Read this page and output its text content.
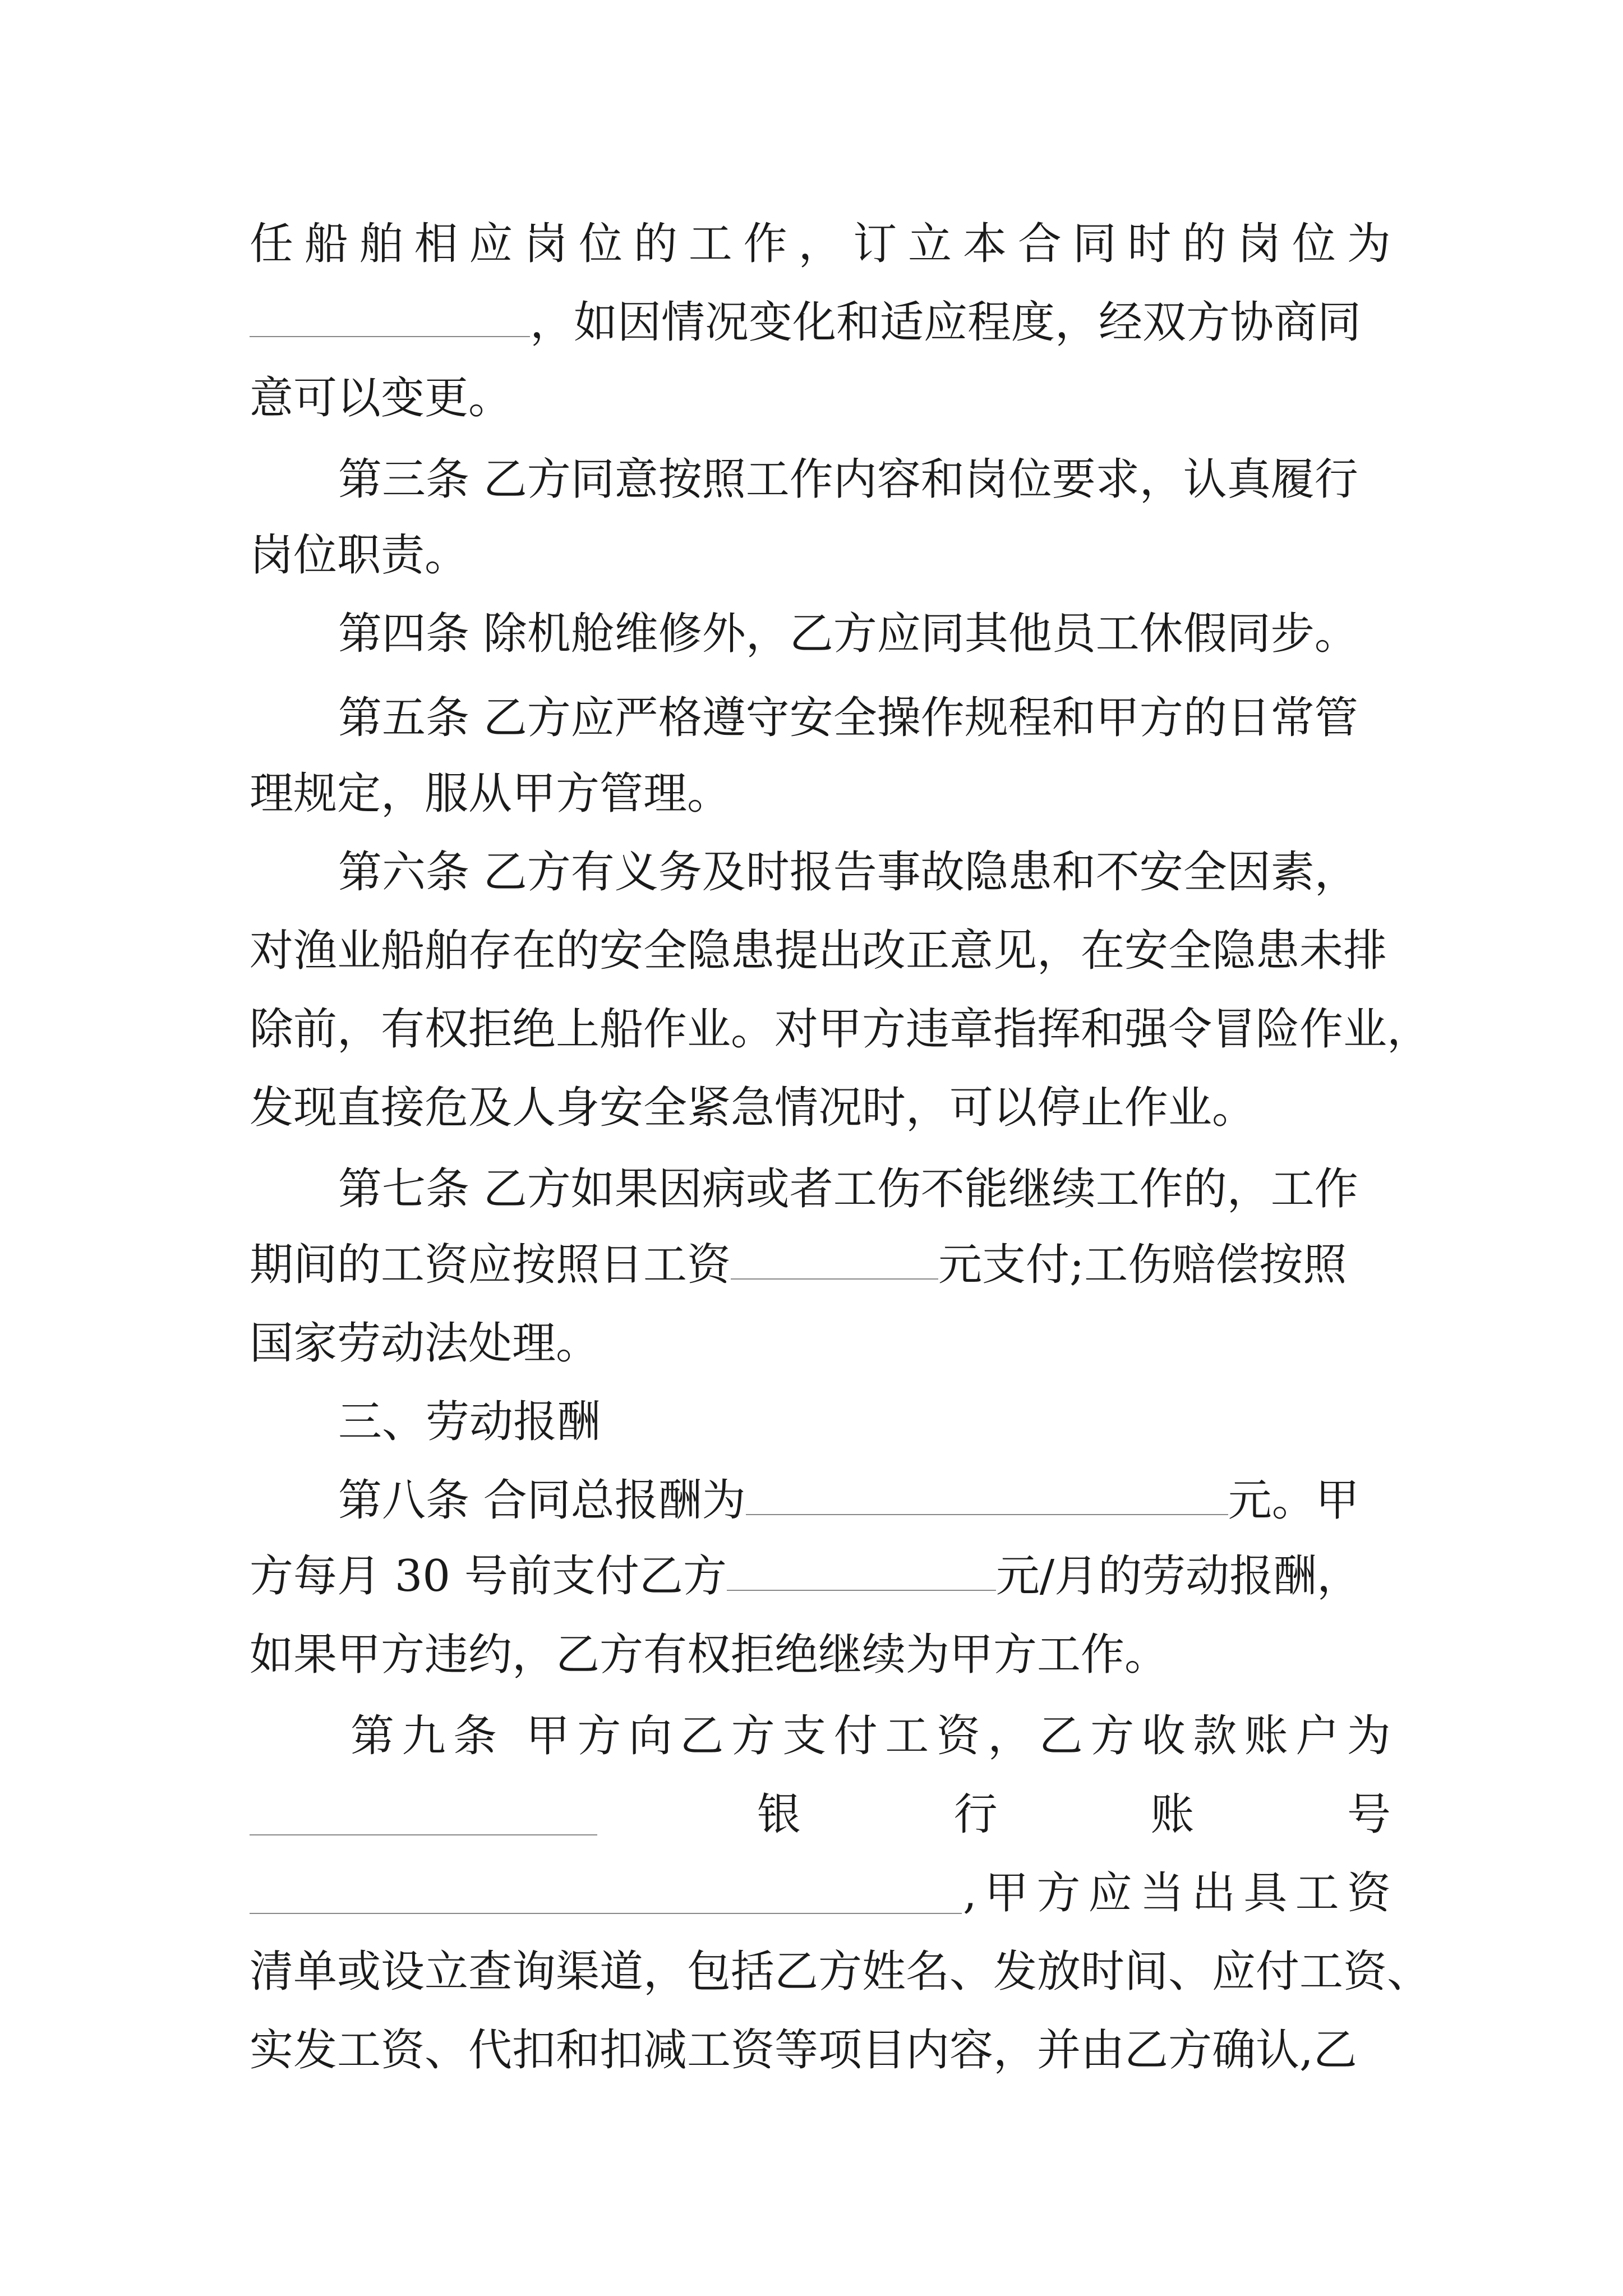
任 船 舶 相 应 岗 位 的 工 作 ， 订 立 本 合 同 时 的 岗 位 为
，如因情况变化和适应程度，经双方协商同
意可以变更。
第三条 乙方同意按照工作内容和岗位要求，认真履行
岗位职责。
第四条 除机舱维修外，乙方应同其他员工休假同步。
第五条 乙方应严格遵守安全操作规程和甲方的日常管
理规定，服从甲方管理。
第六条 乙方有义务及时报告事故隐患和不安全因素，
对渔业船舶存在的安全隐患提出改正意见，在安全隐患未排
除前，有权拒绝上船作业。对甲方违章指挥和强令冒险作业，
发现直接危及人身安全紧急情况时，可以停止作业。
第七条 乙方如果因病或者工伤不能继续工作的，工作
期间的工资应按照日工资	元支付;工伤赔偿按照
国家劳动法处理。
三、劳动报酬
第八条 合同总报酬为	元。甲
方每月 30 号前支付乙方	元/月的劳动报酬，
如果甲方违约，乙方有权拒绝继续为甲方工作。
第 九 条
甲 方 向 乙 方 支 付 工 资 ， 乙 方 收 款 账 户 为
银	行	账	号
, 甲 方 应 当 出 具 工 资
清单或设立查询渠道，包括乙方姓名、发放时间、应付工资、
实发工资、代扣和扣减工资等项目内容，并由乙方确认,乙
